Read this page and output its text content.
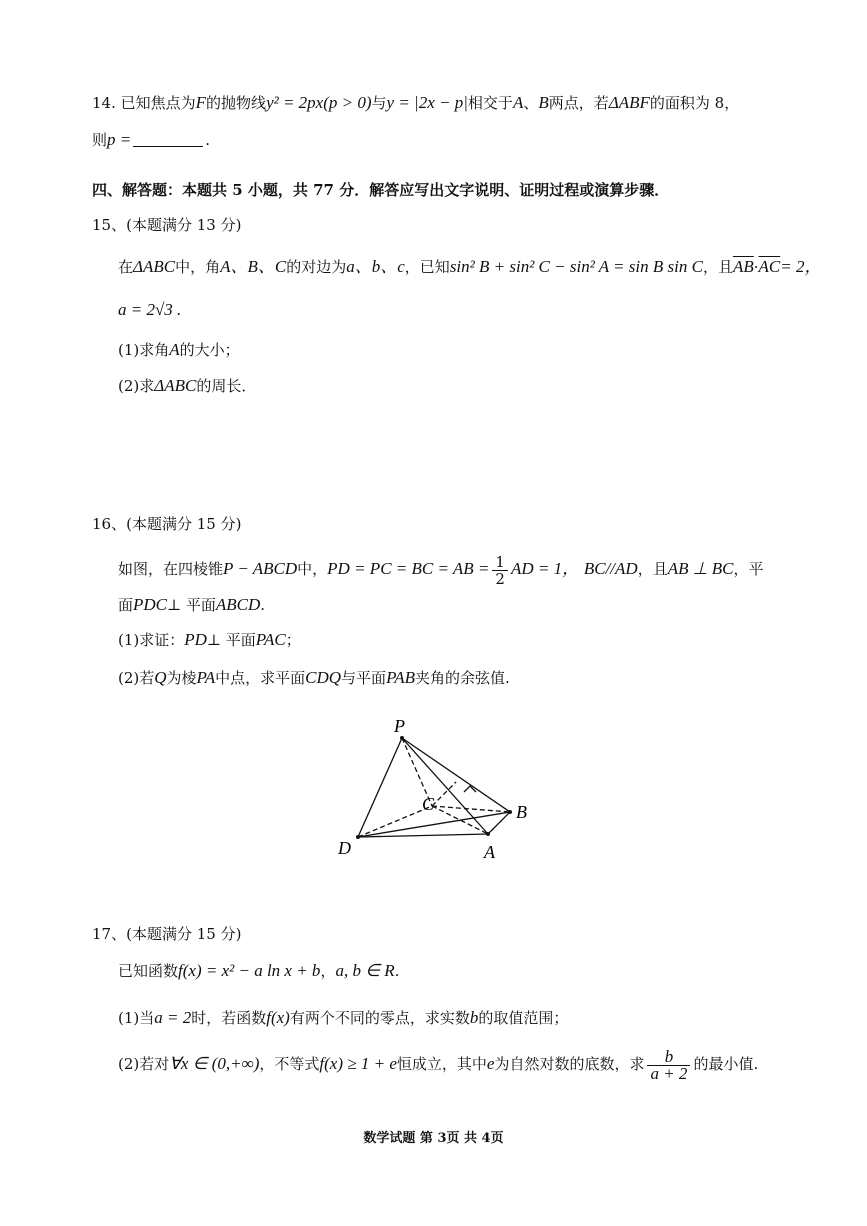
14. 已知焦点为F的抛物线y² = 2px(p > 0)与y = |2x − p|相交于A、B两点，若ΔABF的面积为 8，
则p =	.
四、解答题：本题共 5 小题，共 77 分．解答应写出文字说明、证明过程或演算步骤．
15、(本题满分 13 分)
在ΔABC中，角A、B、C的对边为a、b、c，已知sin² B + sin² C − sin² A = sin B sin C，且$\overline{AB}\cdot\overline{AC}= 2$，
a = 2√3 .
(1)求角A的大小；
(2)求ΔABC的周长．
16、(本题满分 15 分)
如图，在四棱锥P − ABCD中，PD = PC = BC = AB = $\frac{1}{2}$ AD = 1， BC//AD，且AB ⊥ BC，平
面PDC⊥ 平面ABCD.
(1)求证：PD⊥ 平面PAC；
(2)若Q为棱PA中点，求平面CDQ与平面PAB夹角的余弦值.
P
C	B
D	A
17、(本题满分 15 分)
已知函数f(x) = x² − a ln x + b，a, b ∈ R.
(1)当a = 2时，若函数f(x)有两个不同的零点，求实数b的取值范围；
(2)若对∀x ∈ (0,+∞)，不等式f(x) ≥ 1 + e恒成立，其中e为自然对数的底数，求 $\frac{b}{a + 2}$ 的最小值.
数学试题 第 3页 共 4页
